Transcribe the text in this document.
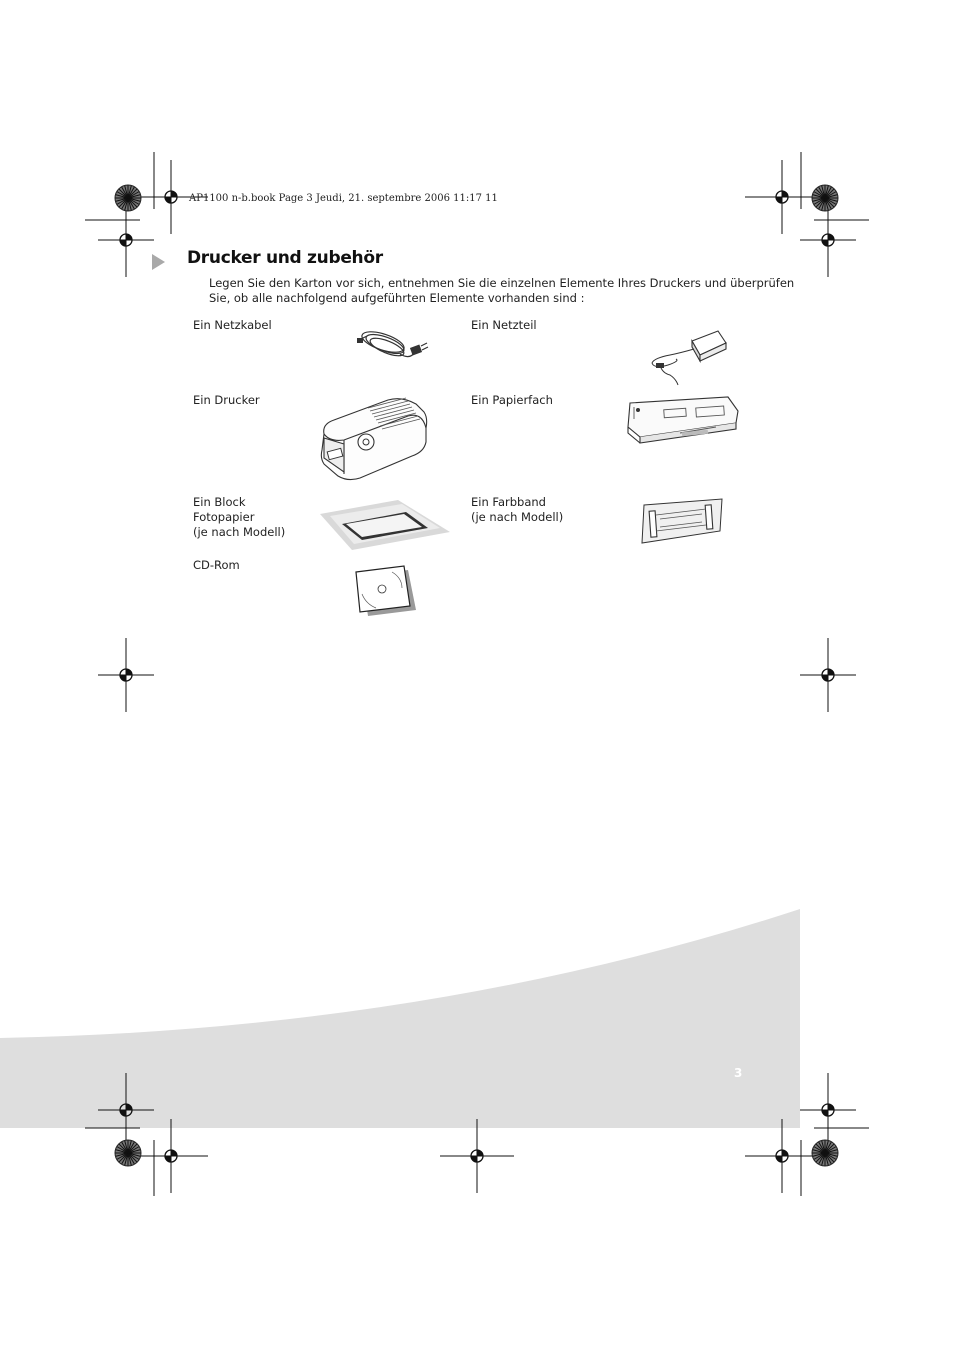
AP1100 n-b.book Page 3 Jeudi, 21. septembre 2006 11:17 11
Drucker und zubehör
Legen Sie den Karton vor sich, entnehmen Sie die einzelnen Elemente Ihres Druckers und überprüfen
Sie, ob alle nachfolgend aufgeführten Elemente vorhanden sind :
Ein Netzkabel	Ein Netzteil
Ein Drucker	Ein Papierfach
Ein Block
Fotopapier
(je nach Modell)
Ein Farbband
(je nach Modell)
CD-Rom
3
